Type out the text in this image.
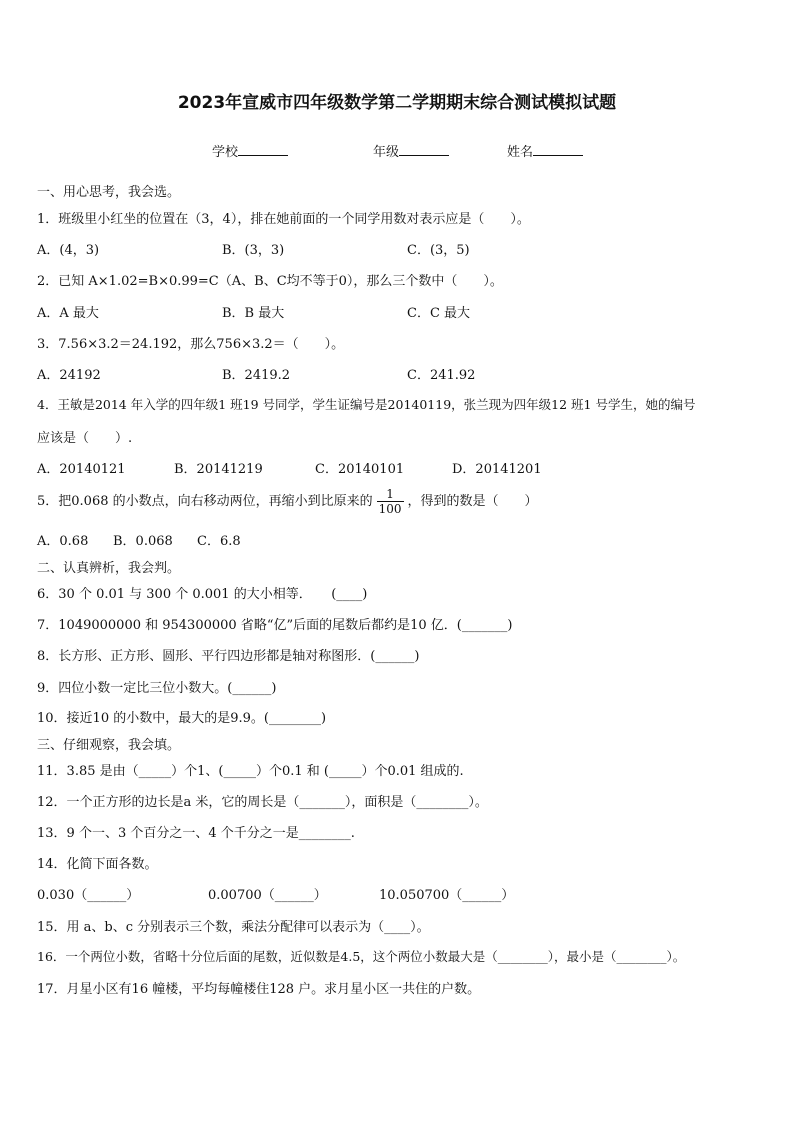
2023年宣威市四年级数学第二学期期末综合测试模拟试题
学校	年级	姓名
一、用心思考，我会选。
1．班级里小红坐的位置在（3，4），排在她前面的一个同学用数对表示应是（　　）。
A．(4，3)	B．(3，3)	C．(3，5)
2．已知 A×1.02=B×0.99=C（A、B、C均不等于0），那么三个数中（　　）。
A．A 最大	B．B 最大	C．C 最大
3．7.56×3.2＝24.192，那么756×3.2＝（　　）。
A．24192	B．2419.2	C．241.92
4．王敏是2014 年入学的四年级1 班19 号同学，学生证编号是20140119，张兰现为四年级12 班1 号学生，她的编号
应该是（　　）.
A．20140121	B．20141219	C．20140101	D．20141201
5．把0.068 的小数点，向右移动两位，再缩小到比原来的 $\frac{1}{100}$ ，得到的数是（　　）
A．0.68 B．0.068 C．6.8
二、认真辨析，我会判。
6．30 个 0.01 与 300 个 0.001 的大小相等．　　(____)
7．1049000000 和 954300000 省略“亿”后面的尾数后都约是10 亿．(_______)
8．长方形、正方形、圆形、平行四边形都是轴对称图形．(______)
9．四位小数一定比三位小数大。(______)
10．接近10 的小数中，最大的是9.9。(________)
三、仔细观察，我会填。
11．3.85 是由（_____）个1、(_____）个0.1 和 (_____）个0.01 组成的.
12．一个正方形的边长是a 米，它的周长是（_______），面积是（________）。
13．9 个一、3 个百分之一、4 个千分之一是________.
14．化简下面各数。
0.030（______）	0.00700（______）	10.050700（______）
15．用 a、b、c 分别表示三个数，乘法分配律可以表示为（____）。
16．一个两位小数，省略十分位后面的尾数，近似数是4.5，这个两位小数最大是（________），最小是（________）。
17．月星小区有16 幢楼，平均每幢楼住128 户。求月星小区一共住的户数。
